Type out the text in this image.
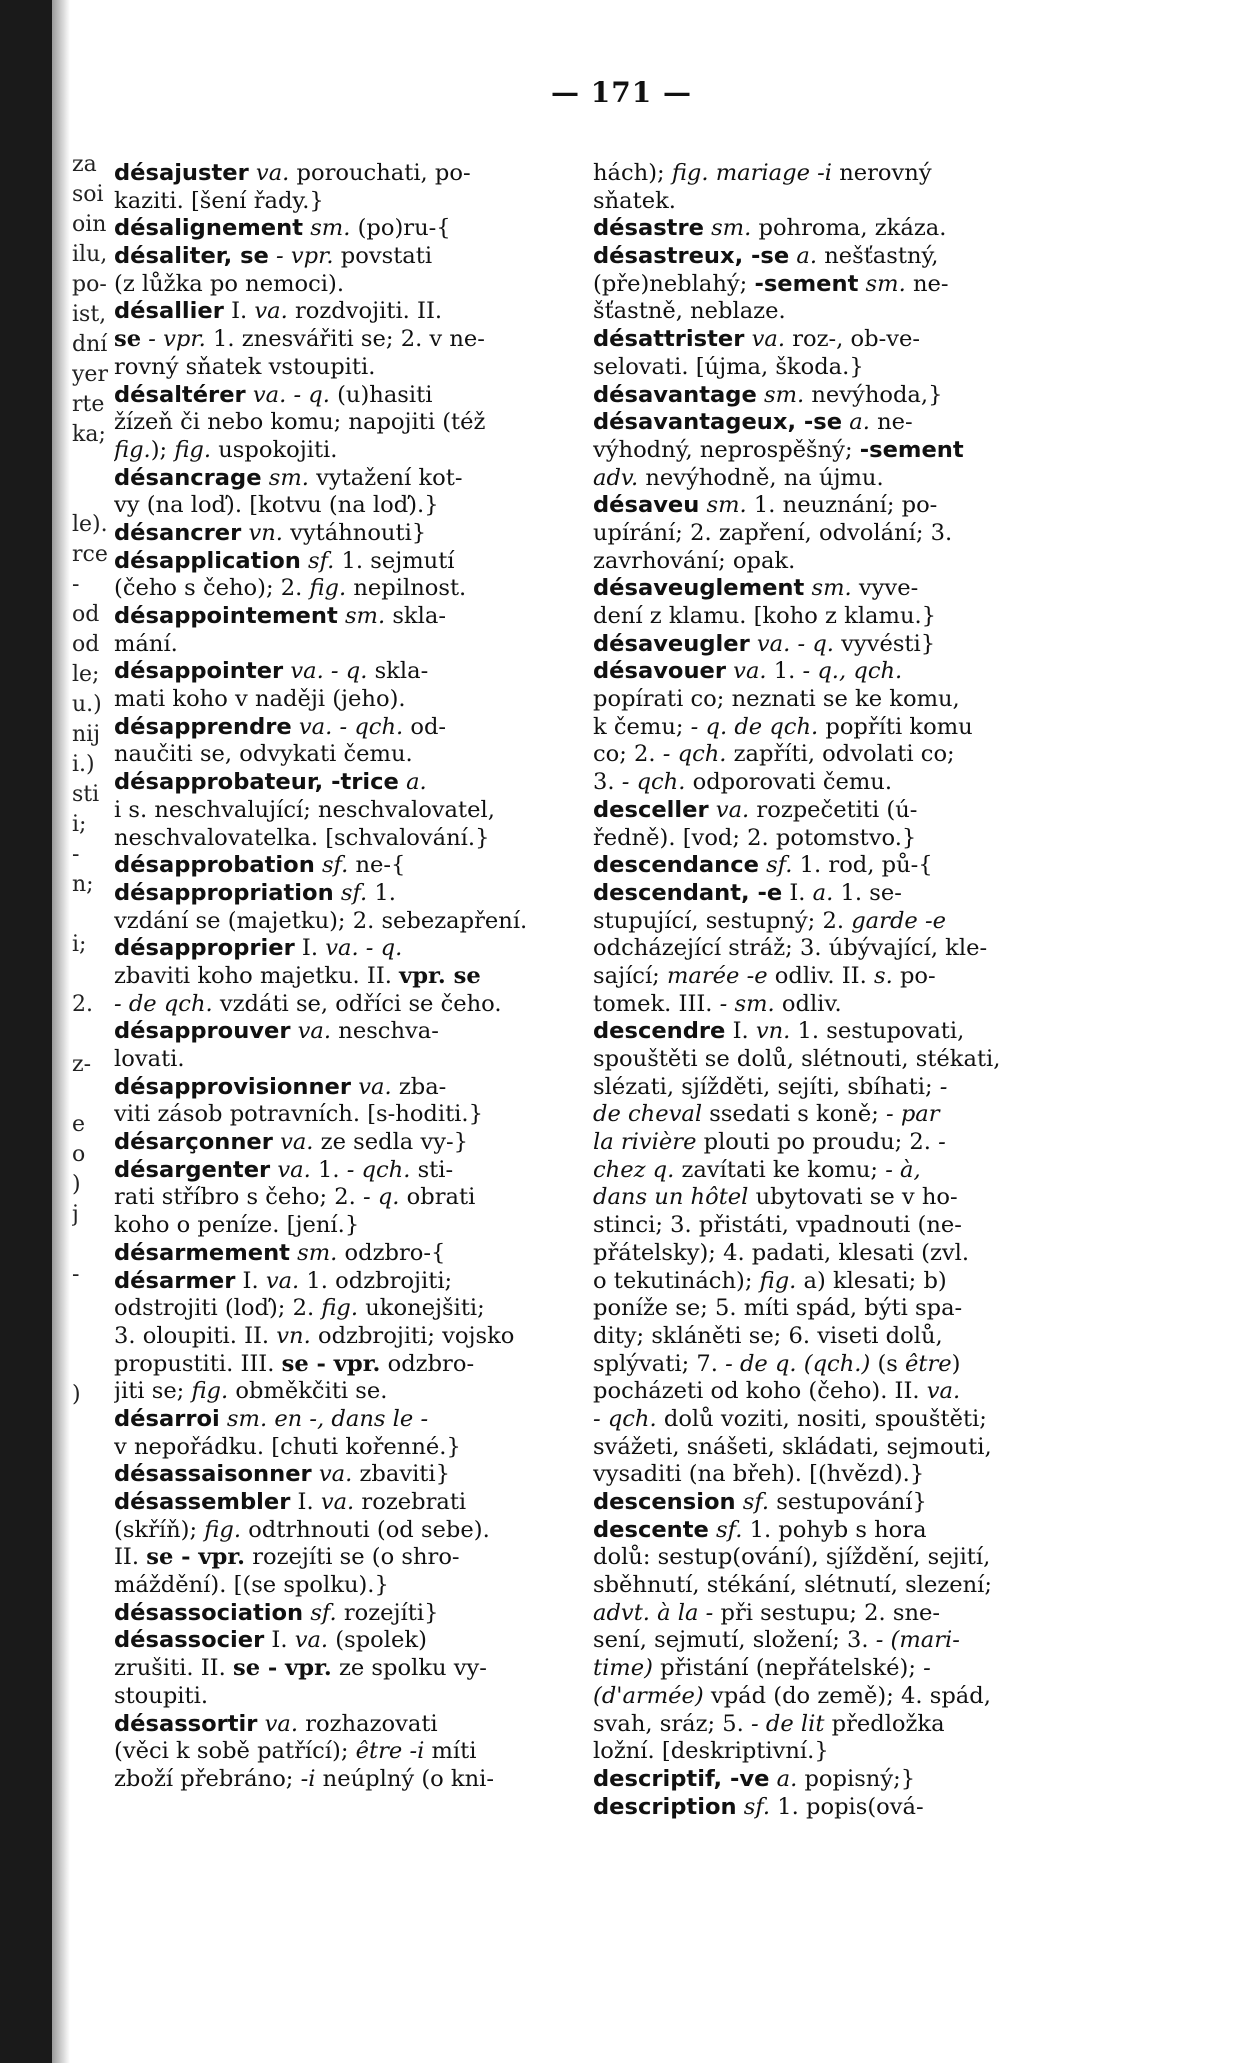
za
soi
oin
ilu,
po-
ist,
dní
yer
rte
ka;
le).
rce
-
od
od
le;
u.)
nij
i.)
sti
i;
-
n;
i;
2.
z-
e
o
)
j
-
)
— 171 —
désajuster va. porouchati, po-
kaziti. [šení řady.}
désalignement sm. (po)ru-{
désaliter, se - vpr. povstati
(z lůžka po nemoci).
désallier I. va. rozdvojiti. II.
se - vpr. 1. znesvářiti se; 2. v ne-
rovný sňatek vstoupiti.
désaltérer va. - q. (u)hasiti
žízeň či nebo komu; napojiti (též
fig.); fig. uspokojiti.
désancrage sm. vytažení kot-
vy (na loď). [kotvu (na loď).}
désancrer vn. vytáhnouti}
désapplication sf. 1. sejmutí
(čeho s čeho); 2. fig. nepilnost.
désappointement sm. skla-
mání.
désappointer va. - q. skla-
mati koho v naději (jeho).
désapprendre va. - qch. od-
naučiti se, odvykati čemu.
désapprobateur, -trice a.
i s. neschvalující; neschvalovatel,
neschvalovatelka. [schvalování.}
désapprobation sf. ne-{
désappropriation sf. 1.
vzdání se (majetku); 2. sebezapření.
désapproprier I. va. - q.
zbaviti koho majetku. II. vpr. se
- de qch. vzdáti se, odříci se čeho.
désapprouver va. neschva-
lovati.
désapprovisionner va. zba-
viti zásob potravních. [s-hoditi.}
désarçonner va. ze sedla vy-}
désargenter va. 1. - qch. sti-
rati stříbro s čeho; 2. - q. obrati
koho o peníze. [jení.}
désarmement sm. odzbro-{
désarmer I. va. 1. odzbrojiti;
odstrojiti (loď); 2. fig. ukonejšiti;
3. oloupiti. II. vn. odzbrojiti; vojsko
propustiti. III. se - vpr. odzbro-
jiti se; fig. obměkčiti se.
désarroi sm. en -, dans le -
v nepořádku. [chuti kořenné.}
désassaisonner va. zbaviti}
désassembler I. va. rozebrati
(skříň); fig. odtrhnouti (od sebe).
II. se - vpr. rozejíti se (o shro-
máždění). [(se spolku).}
désassociation sf. rozejíti}
désassocier I. va. (spolek)
zrušiti. II. se - vpr. ze spolku vy-
stoupiti.
désassortir va. rozhazovati
(věci k sobě patřící); être -i míti
zboží přebráno; -i neúplný (o kni-
hách); fig. mariage -i nerovný
sňatek.
désastre sm. pohroma, zkáza.
désastreux, -se a. nešťastný,
(pře)neblahý; -sement sm. ne-
šťastně, neblaze.
désattrister va. roz-, ob-ve-
selovati. [újma, škoda.}
désavantage sm. nevýhoda,}
désavantageux, -se a. ne-
výhodný, neprospěšný; -sement
adv. nevýhodně, na újmu.
désaveu sm. 1. neuznání; po-
upírání; 2. zapření, odvolání; 3.
zavrhování; opak.
désaveuglement sm. vyve-
dení z klamu. [koho z klamu.}
désaveugler va. - q. vyvésti}
désavouer va. 1. - q., qch.
popírati co; neznati se ke komu,
k čemu; - q. de qch. popříti komu
co; 2. - qch. zapříti, odvolati co;
3. - qch. odporovati čemu.
desceller va. rozpečetiti (ú-
ředně). [vod; 2. potomstvo.}
descendance sf. 1. rod, pů-{
descendant, -e I. a. 1. se-
stupující, sestupný; 2. garde -e
odcházející stráž; 3. úbývající, kle-
sající; marée -e odliv. II. s. po-
tomek. III. - sm. odliv.
descendre I. vn. 1. sestupovati,
spouštěti se dolů, slétnouti, stékati,
slézati, sjížděti, sejíti, sbíhati; -
de cheval ssedati s koně; - par
la rivière plouti po proudu; 2. -
chez q. zavítati ke komu; - à,
dans un hôtel ubytovati se v ho-
stinci; 3. přistáti, vpadnouti (ne-
přátelsky); 4. padati, klesati (zvl.
o tekutinách); fig. a) klesati; b)
poníže se; 5. míti spád, býti spa-
dity; skláněti se; 6. viseti dolů,
splývati; 7. - de q. (qch.) (s être)
pocházeti od koho (čeho). II. va.
- qch. dolů voziti, nositi, spouštěti;
svážeti, snášeti, skládati, sejmouti,
vysaditi (na břeh). [(hvězd).}
descension sf. sestupování}
descente sf. 1. pohyb s hora
dolů: sestup(ování), sjíždění, sejití,
sběhnutí, stékání, slétnutí, slezení;
advt. à la - při sestupu; 2. sne-
sení, sejmutí, složení; 3. - (mari-
time) přistání (nepřátelské); -
(d'armée) vpád (do země); 4. spád,
svah, sráz; 5. - de lit předložka
ložní. [deskriptivní.}
descriptif, -ve a. popisný;}
description sf. 1. popis(ová-
